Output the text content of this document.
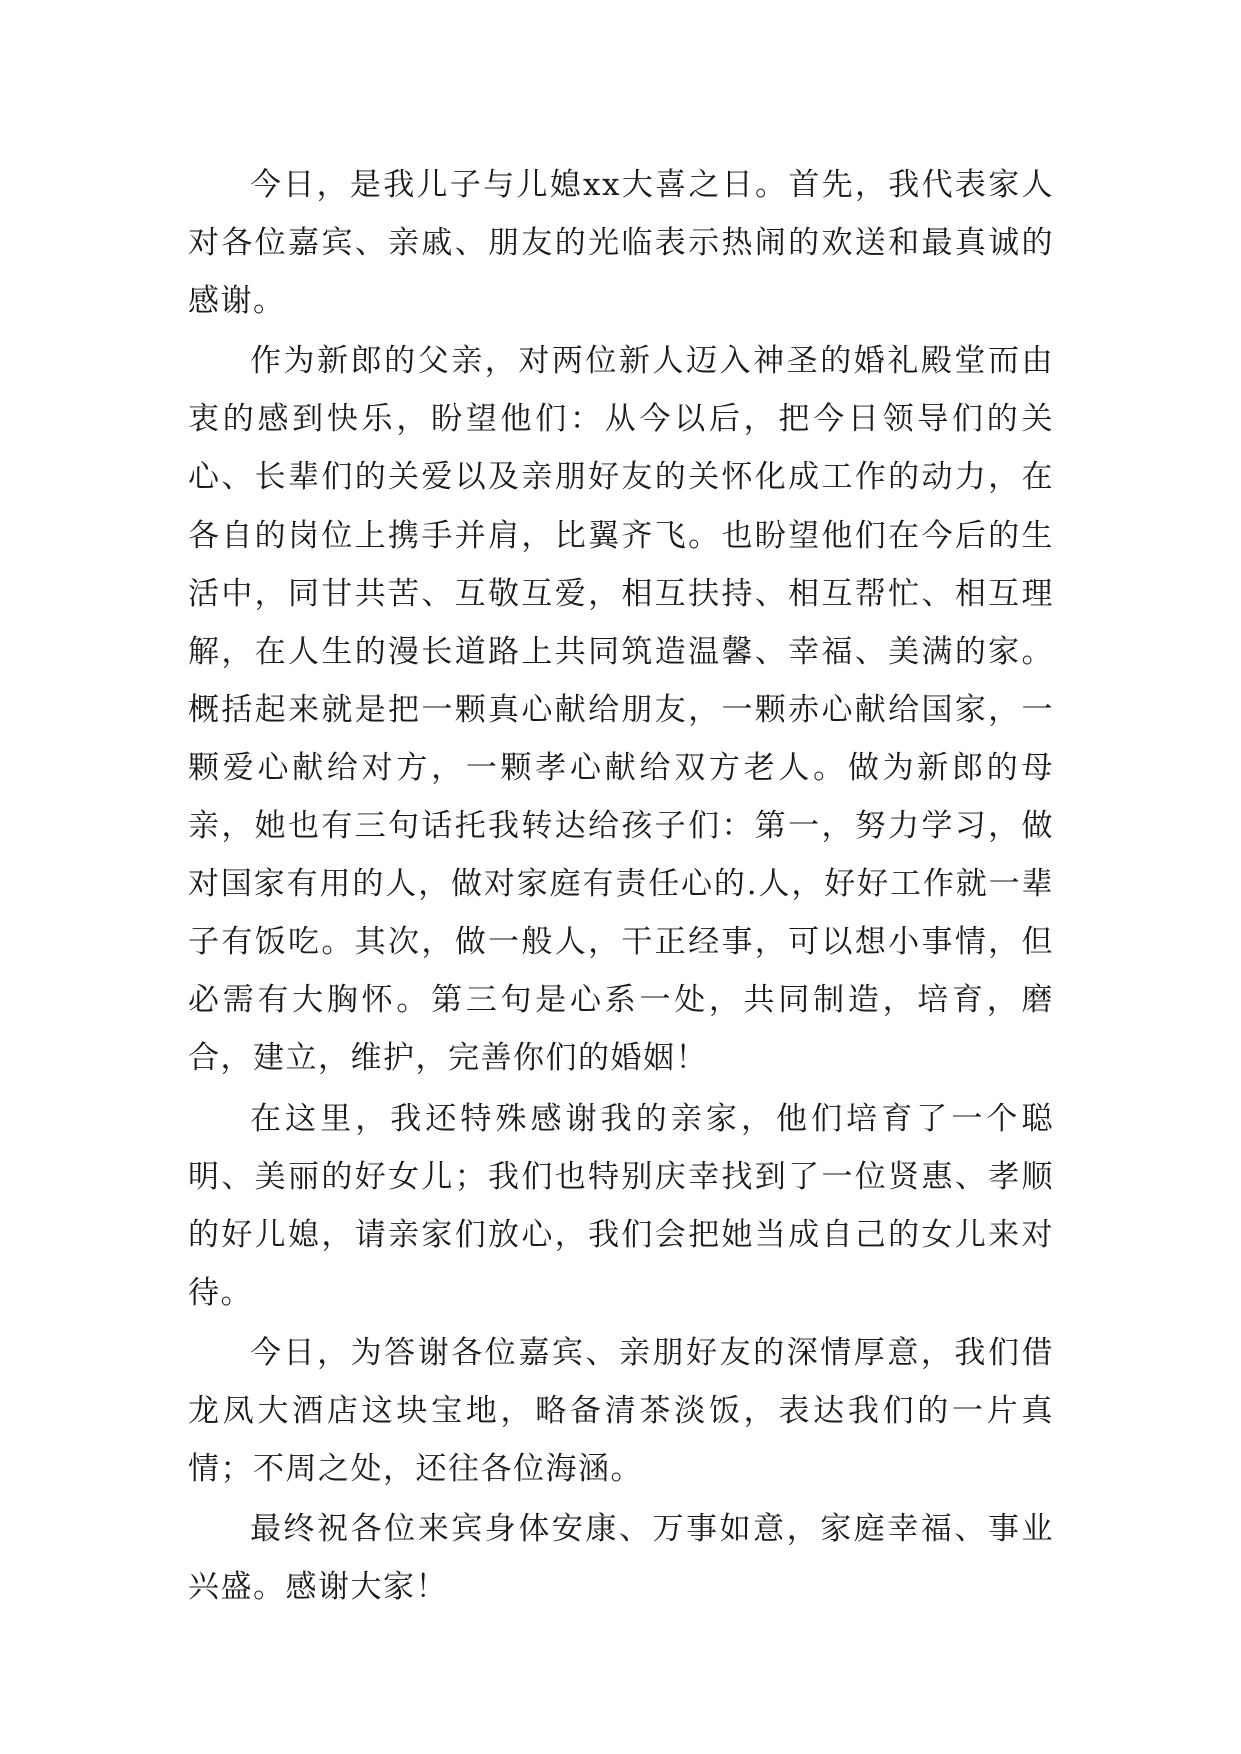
今日，是我儿子与儿媳xx大喜之日。首先，我代表家人对各位嘉宾、亲戚、朋友的光临表示热闹的欢送和最真诚的感谢。

作为新郎的父亲，对两位新人迈入神圣的婚礼殿堂而由衷的感到快乐，盼望他们：从今以后，把今日领导们的关心、长辈们的关爱以及亲朋好友的关怀化成工作的动力，在各自的岗位上携手并肩，比翼齐飞。也盼望他们在今后的生活中，同甘共苦、互敬互爱，相互扶持、相互帮忙、相互理解，在人生的漫长道路上共同筑造温馨、幸福、美满的家。概括起来就是把一颗真心献给朋友，一颗赤心献给国家，一颗爱心献给对方，一颗孝心献给双方老人。做为新郎的母亲，她也有三句话托我转达给孩子们：第一，努力学习，做对国家有用的人，做对家庭有责任心的.人，好好工作就一辈子有饭吃。其次，做一般人，干正经事，可以想小事情，但必需有大胸怀。第三句是心系一处，共同制造，培育，磨合，建立，维护，完善你们的婚姻！

在这里，我还特殊感谢我的亲家，他们培育了一个聪明、美丽的好女儿；我们也特别庆幸找到了一位贤惠、孝顺的好儿媳，请亲家们放心，我们会把她当成自己的女儿来对待。

今日，为答谢各位嘉宾、亲朋好友的深情厚意，我们借龙凤大酒店这块宝地，略备清茶淡饭，表达我们的一片真情；不周之处，还往各位海涵。

最终祝各位来宾身体安康、万事如意，家庭幸福、事业兴盛。感谢大家！
